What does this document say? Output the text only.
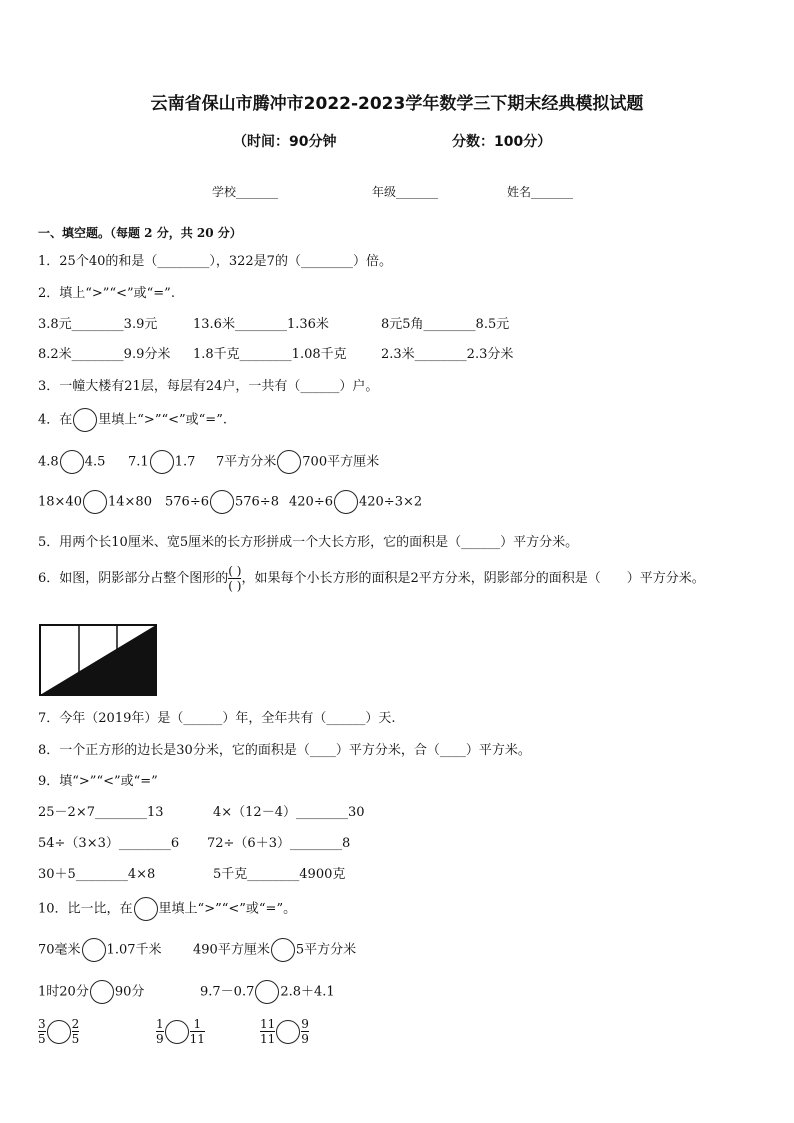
云南省保山市腾冲市2022-2023学年数学三下期末经典模拟试题
（时间：90分钟	分数：100分）
学校_______	年级_______	姓名_______
一、填空题。（每题 2 分，共 20 分）
1．25个40的和是（________），322是7的（________）倍。
2．填上“>”“<”或“=”.
3.8元________3.9元	13.6米________1.36米	8元5角________8.5元
8.2米________9.9分米 1.8千克________1.08千克	2.3米________2.3分米
3．一幢大楼有21层，每层有24户，一共有（______）户。
4．在 里填上“>”“<”或“=”.
4.8 4.5 7.1 1.7 7平方分米 700平方厘米
18×40 14×80 576÷6 576÷8 420÷6 420÷3×2
5．用两个长10厘米、宽5厘米的长方形拼成一个大长方形，它的面积是（______）平方分米。
6．如图，阴影部分占整个图形的 $\frac{( )}{( )}$ ，如果每个小长方形的面积是2平方分米，阴影部分的面积是（　　）平方分米。
7．今年（2019年）是（______）年，全年共有（______）天.
8．一个正方形的边长是30分米，它的面积是（____）平方分米，合（____）平方米。
9．填“>”“<”或“=”
25－2×7________13	4×（12－4）________30
54÷（3×3）________6 72÷（6＋3）________8
30＋5________4×8	5千克________4900克
10．比一比，在 里填上“>”“<”或“=”。
70毫米 1.07千米 490平方厘米 5平方分米
1时20分 90分	9.7－0.7 2.8＋4.1
$\frac{3}{5} \frac{2}{5}$	$\frac{1}{9} \frac{1}{11}$	$\frac{11}{11} \frac{9}{9}$
